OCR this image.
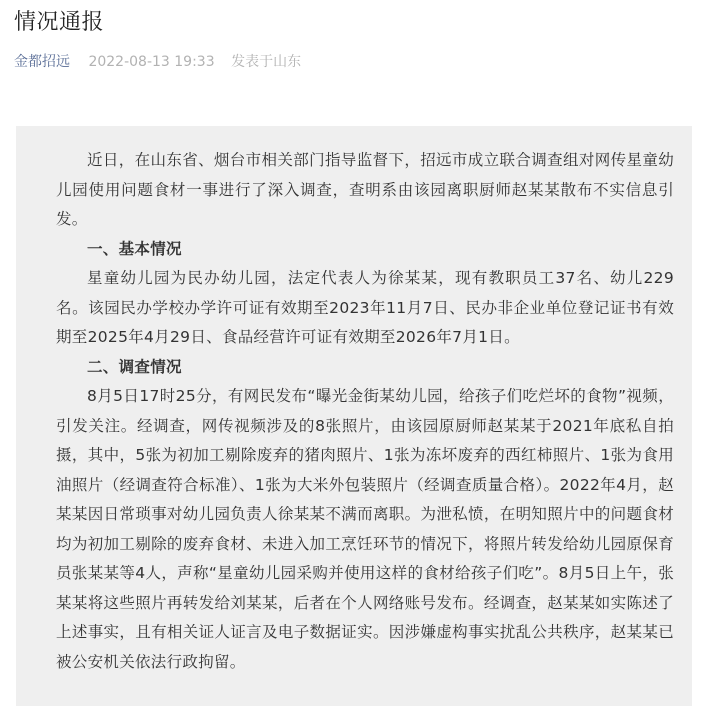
情况通报
金都招远 2022-08-13 19:33 发表于山东

近日，在山东省、烟台市相关部门指导监督下，招远市成立联合调查组对网传星童幼儿园使用问题食材一事进行了深入调查，查明系由该园离职厨师赵某某散布不实信息引发。

一、基本情况

星童幼儿园为民办幼儿园，法定代表人为徐某某，现有教职员工37名、幼儿229名。该园民办学校办学许可证有效期至2023年11月7日、民办非企业单位登记证书有效期至2025年4月29日、食品经营许可证有效期至2026年7月1日。

二、调查情况

8月5日17时25分，有网民发布“曝光金街某幼儿园，给孩子们吃烂坏的食物”视频，引发关注。经调查，网传视频涉及的8张照片，由该园原厨师赵某某于2021年底私自拍摄，其中，5张为初加工剔除废弃的猪肉照片、1张为冻坏废弃的西红柿照片、1张为食用油照片（经调查符合标准）、1张为大米外包装照片（经调查质量合格）。2022年4月，赵某某因日常琐事对幼儿园负责人徐某某不满而离职。为泄私愤，在明知照片中的问题食材均为初加工剔除的废弃食材、未进入加工烹饪环节的情况下，将照片转发给幼儿园原保育员张某某等4人，声称“星童幼儿园采购并使用这样的食材给孩子们吃”。8月5日上午，张某某将这些照片再转发给刘某某，后者在个人网络账号发布。经调查，赵某某如实陈述了上述事实，且有相关证人证言及电子数据证实。因涉嫌虚构事实扰乱公共秩序，赵某某已被公安机关依法行政拘留。
